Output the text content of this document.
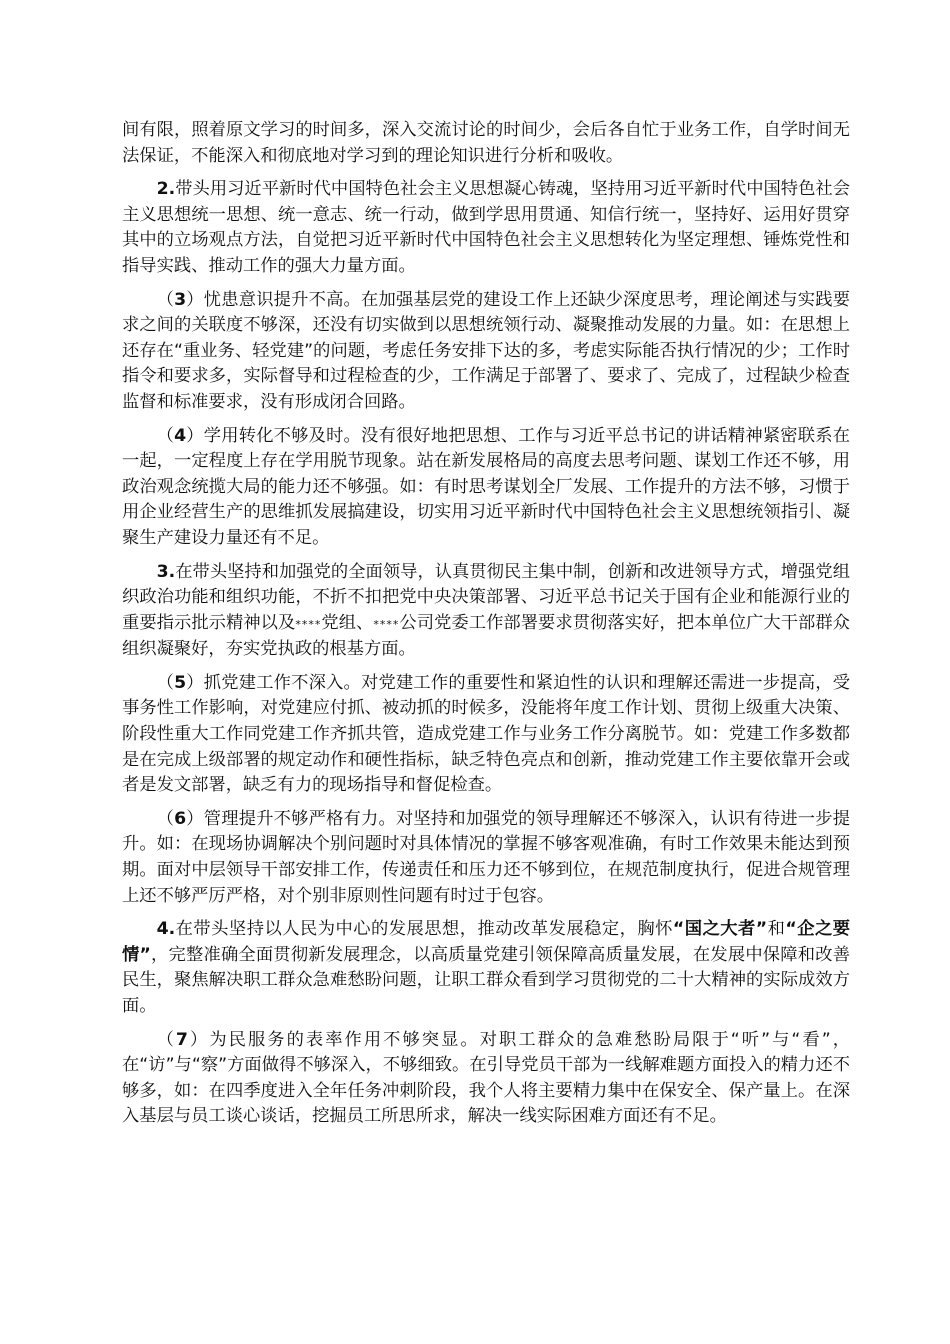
间有限，照着原文学习的时间多，深入交流讨论的时间少，会后各自忙于业务工作，自学时间无法保证，不能深入和彻底地对学习到的理论知识进行分析和吸收。

2.带头用习近平新时代中国特色社会主义思想凝心铸魂，坚持用习近平新时代中国特色社会主义思想统一思想、统一意志、统一行动，做到学思用贯通、知信行统一，坚持好、运用好贯穿其中的立场观点方法，自觉把习近平新时代中国特色社会主义思想转化为坚定理想、锤炼党性和指导实践、推动工作的强大力量方面。

（3）忧患意识提升不高。在加强基层党的建设工作上还缺少深度思考，理论阐述与实践要求之间的关联度不够深，还没有切实做到以思想统领行动、凝聚推动发展的力量。如：在思想上还存在“重业务、轻党建”的问题，考虑任务安排下达的多，考虑实际能否执行情况的少；工作时指令和要求多，实际督导和过程检查的少，工作满足于部署了、要求了、完成了，过程缺少检查监督和标准要求，没有形成闭合回路。

（4）学用转化不够及时。没有很好地把思想、工作与习近平总书记的讲话精神紧密联系在一起，一定程度上存在学用脱节现象。站在新发展格局的高度去思考问题、谋划工作还不够，用政治观念统揽大局的能力还不够强。如：有时思考谋划全厂发展、工作提升的方法不够，习惯于用企业经营生产的思维抓发展搞建设，切实用习近平新时代中国特色社会主义思想统领指引、凝聚生产建设力量还有不足。

3.在带头坚持和加强党的全面领导，认真贯彻民主集中制，创新和改进领导方式，增强党组织政治功能和组织功能，不折不扣把党中央决策部署、习近平总书记关于国有企业和能源行业的重要指示批示精神以及****党组、****公司党委工作部署要求贯彻落实好，把本单位广大干部群众组织凝聚好，夯实党执政的根基方面。

（5）抓党建工作不深入。对党建工作的重要性和紧迫性的认识和理解还需进一步提高，受事务性工作影响，对党建应付抓、被动抓的时候多，没能将年度工作计划、贯彻上级重大决策、阶段性重大工作同党建工作齐抓共管，造成党建工作与业务工作分离脱节。如：党建工作多数都是在完成上级部署的规定动作和硬性指标，缺乏特色亮点和创新，推动党建工作主要依靠开会或者是发文部署，缺乏有力的现场指导和督促检查。

（6）管理提升不够严格有力。对坚持和加强党的领导理解还不够深入，认识有待进一步提升。如：在现场协调解决个别问题时对具体情况的掌握不够客观准确，有时工作效果未能达到预期。面对中层领导干部安排工作，传递责任和压力还不够到位，在规范制度执行，促进合规管理上还不够严厉严格，对个别非原则性问题有时过于包容。

4.在带头坚持以人民为中心的发展思想，推动改革发展稳定，胸怀“国之大者”和“企之要情”，完整准确全面贯彻新发展理念，以高质量党建引领保障高质量发展，在发展中保障和改善民生，聚焦解决职工群众急难愁盼问题，让职工群众看到学习贯彻党的二十大精神的实际成效方面。

（7）为民服务的表率作用不够突显。对职工群众的急难愁盼局限于“听”与“看”，在“访”与“察”方面做得不够深入，不够细致。在引导党员干部为一线解难题方面投入的精力还不够多，如：在四季度进入全年任务冲刺阶段，我个人将主要精力集中在保安全、保产量上。在深入基层与员工谈心谈话，挖掘员工所思所求，解决一线实际困难方面还有不足。
